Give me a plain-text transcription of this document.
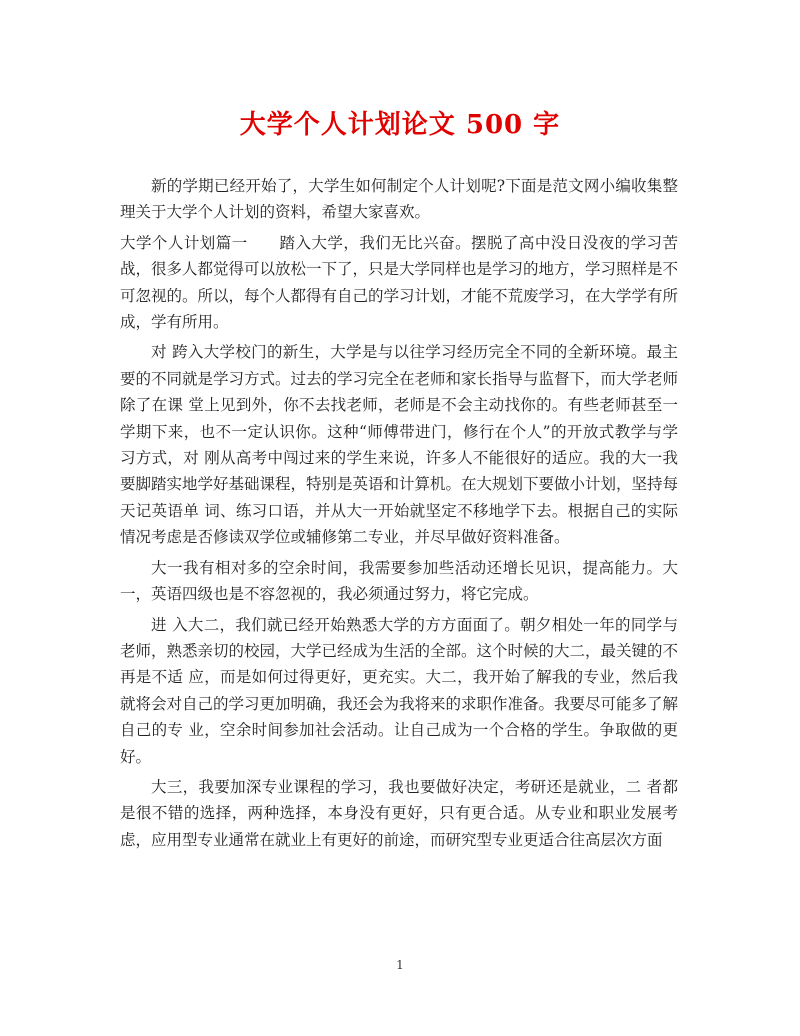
大学个人计划论文 500 字

新的学期已经开始了，大学生如何制定个人计划呢?下面是范文网小编收集整理关于大学个人计划的资料，希望大家喜欢。

大学个人计划篇一　　踏入大学，我们无比兴奋。摆脱了高中没日没夜的学习苦战，很多人都觉得可以放松一下了，只是大学同样也是学习的地方，学习照样是不可忽视的。所以，每个人都得有自己的学习计划，才能不荒废学习，在大学学有所成，学有所用。

对 跨入大学校门的新生，大学是与以往学习经历完全不同的全新环境。最主要的不同就是学习方式。过去的学习完全在老师和家长指导与监督下，而大学老师除了在课 堂上见到外，你不去找老师，老师是不会主动找你的。有些老师甚至一学期下来，也不一定认识你。这种“师傅带进门，修行在个人”的开放式教学与学习方式，对 刚从高考中闯过来的学生来说，许多人不能很好的适应。我的大一我要脚踏实地学好基础课程，特别是英语和计算机。在大规划下要做小计划，坚持每天记英语单 词、练习口语，并从大一开始就坚定不移地学下去。根据自己的实际情况考虑是否修读双学位或辅修第二专业，并尽早做好资料准备。

大一我有相对多的空余时间，我需要参加些活动还增长见识，提高能力。大一，英语四级也是不容忽视的，我必须通过努力，将它完成。

进 入大二，我们就已经开始熟悉大学的方方面面了。朝夕相处一年的同学与老师，熟悉亲切的校园，大学已经成为生活的全部。这个时候的大二，最关键的不再是不适 应，而是如何过得更好，更充实。大二，我开始了解我的专业，然后我就将会对自己的学习更加明确，我还会为我将来的求职作准备。我要尽可能多了解自己的专 业，空余时间参加社会活动。让自己成为一个合格的学生。争取做的更好。

大三，我要加深专业课程的学习，我也要做好决定，考研还是就业，二 者都是很不错的选择，两种选择，本身没有更好，只有更合适。从专业和职业发展考虑，应用型专业通常在就业上有更好的前途，而研究型专业更适合往高层次方面

1
